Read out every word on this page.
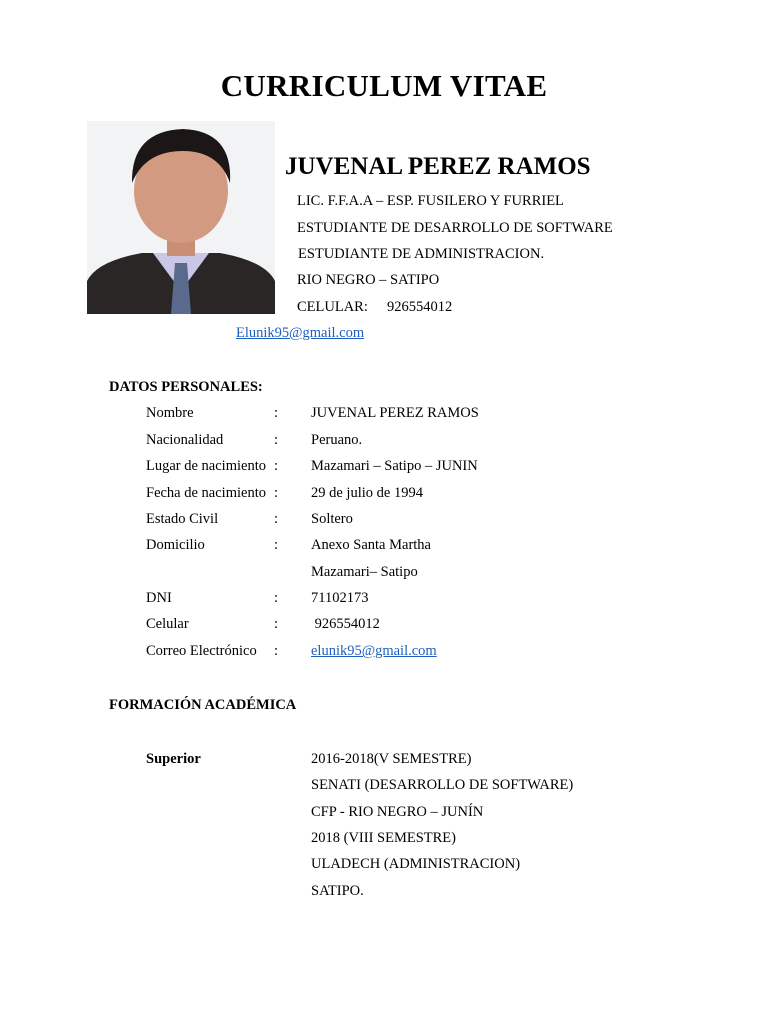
CURRICULUM VITAE
JUVENAL PEREZ RAMOS
LIC. F.F.A.A – ESP. FUSILERO Y FURRIEL
ESTUDIANTE DE DESARROLLO DE SOFTWARE
ESTUDIANTE DE ADMINISTRACION.
RIO NEGRO – SATIPO
CELULAR: 926554012
Elunik95@gmail.com
DATOS PERSONALES:
Nombre	: JUVENAL PEREZ RAMOS
Nacionalidad	: Peruano.
Lugar de nacimiento : Mazamari – Satipo – JUNIN
Fecha de nacimiento : 29 de julio de 1994
Estado Civil	: Soltero
Domicilio	: Anexo Santa Martha
Mazamari– Satipo
DNI	: 71102173
Celular	: 926554012
Correo Electrónico : elunik95@gmail.com
FORMACIÓN ACADÉMICA
Superior	2016-2018(V SEMESTRE)
SENATI (DESARROLLO DE SOFTWARE)
CFP - RIO NEGRO – JUNÍN
2018 (VIII SEMESTRE)
ULADECH (ADMINISTRACION)
SATIPO.
